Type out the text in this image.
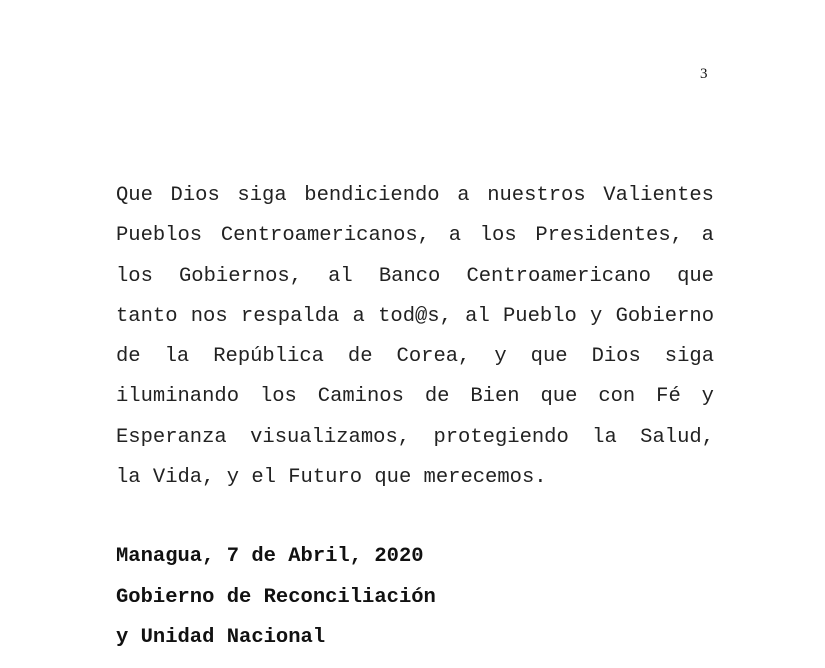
3
Que Dios siga bendiciendo a nuestros Valientes
Pueblos Centroamericanos, a los Presidentes, a
los Gobiernos, al Banco Centroamericano que
tanto nos respalda a tod@s, al Pueblo y Gobierno
de la República de Corea, y que Dios siga
iluminando los Caminos de Bien que con Fé y
Esperanza visualizamos, protegiendo la Salud,
la Vida, y el Futuro que merecemos.
Managua, 7 de Abril, 2020
Gobierno de Reconciliación
y Unidad Nacional
